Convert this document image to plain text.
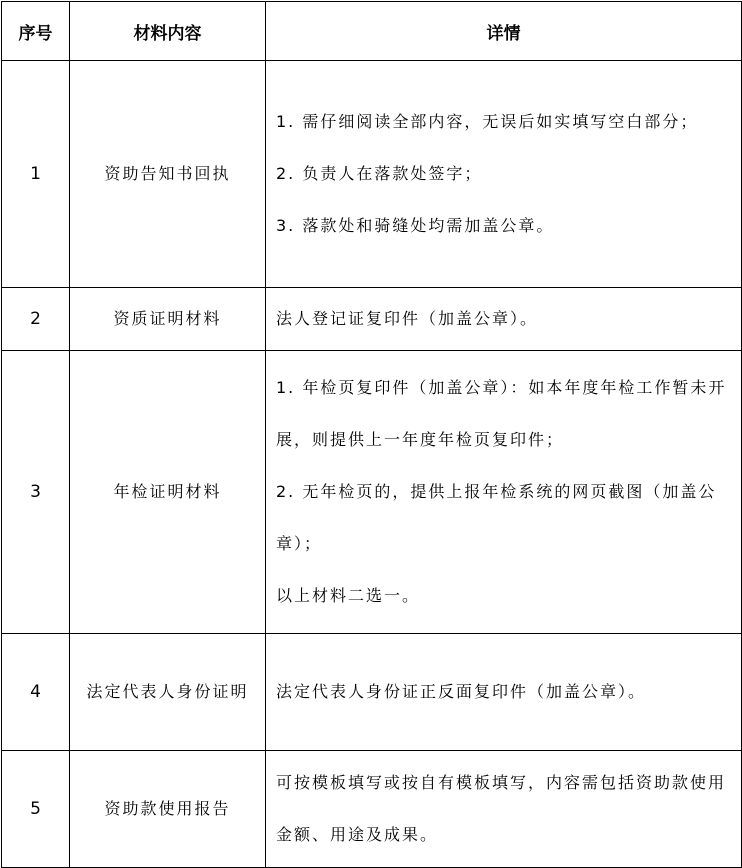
序号	材料内容	详情
1	资助告知书回执	1. 需仔细阅读全部内容，无误后如实填写空白部分；

2. 负责人在落款处签字；

3. 落款处和骑缝处均需加盖公章。

2	资质证明材料	法人登记证复印件（加盖公章）。

3	年检证明材料	1. 年检页复印件（加盖公章）：如本年度年检工作暂未开展，则提供上一年度年检页复印件；

2. 无年检页的，提供上报年检系统的网页截图（加盖公章）；

以上材料二选一。

4	法定代表人身份证明	法定代表人身份证正反面复印件（加盖公章）。

5	资助款使用报告	可按模板填写或按自有模板填写，内容需包括资助款使用金额、用途及成果。
